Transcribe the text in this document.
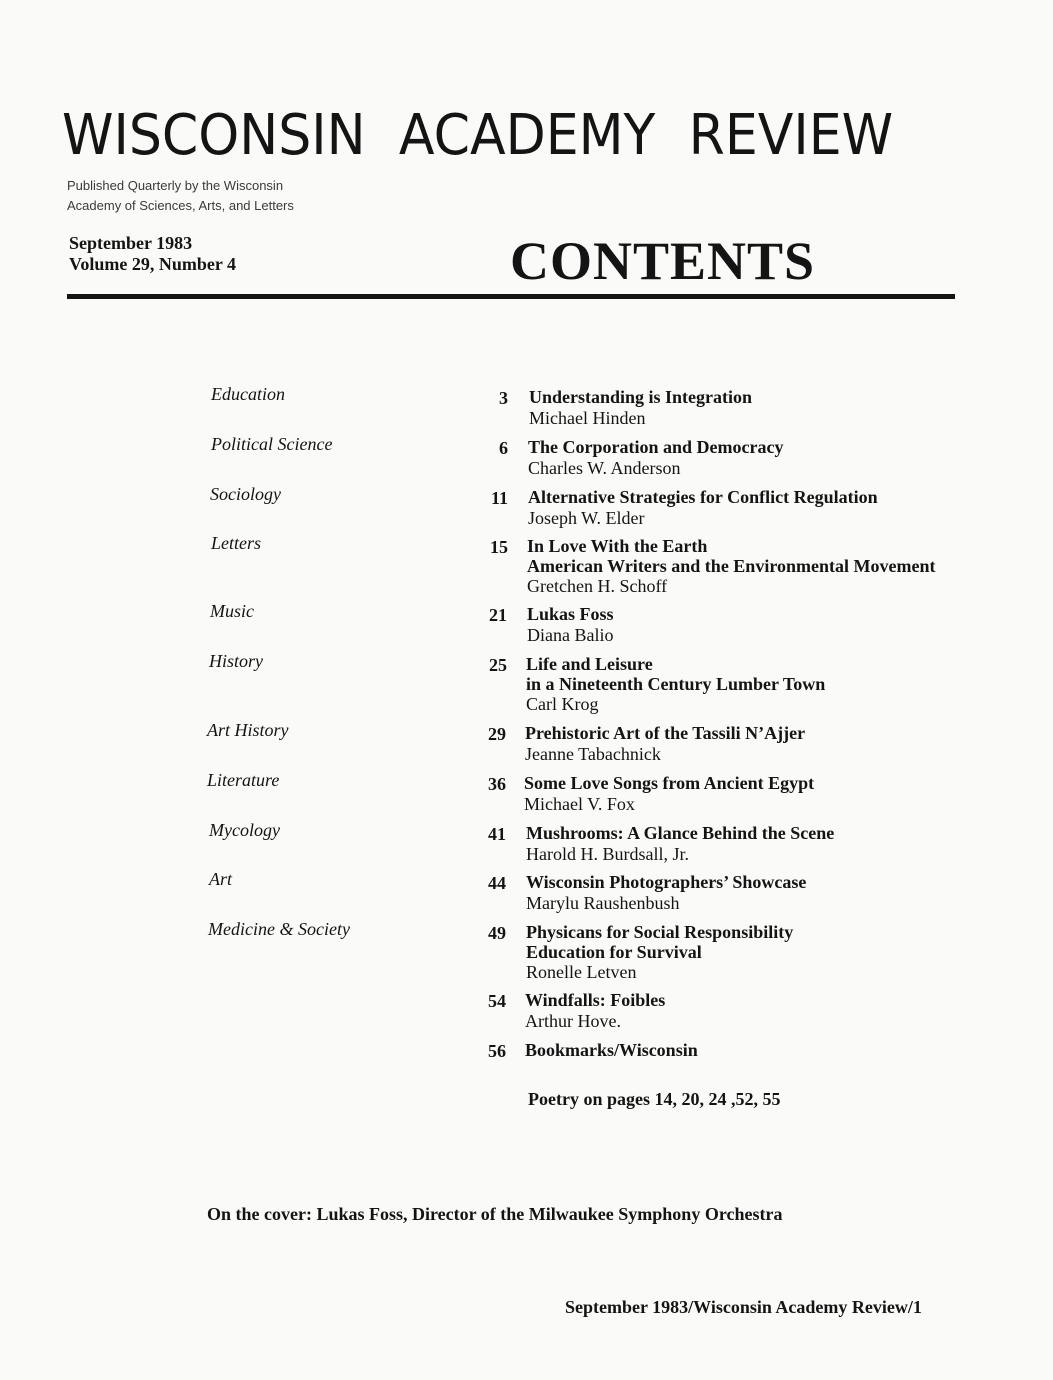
WISCONSIN ACADEMY REVIEW
Published Quarterly by the Wisconsin
Academy of Sciences, Arts, and Letters
September 1983
Volume 29, Number 4	CONTENTS
Education	3 Understanding is Integration
Michael Hinden
Political Science	6 The Corporation and Democracy
Charles W. Anderson
Sociology	11 Alternative Strategies for Conflict Regulation
Joseph W. Elder
Letters	15 In Love With the Earth
American Writers and the Environmental Movement
Gretchen H. Schoff
Music	21 Lukas Foss
Diana Balio
History	25 Life and Leisure
in a Nineteenth Century Lumber Town
Carl Krog
Art History	29 Prehistoric Art of the Tassili N’Ajjer
Jeanne Tabachnick
Literature	36 Some Love Songs from Ancient Egypt
Michael V. Fox
Mycology	41 Mushrooms: A Glance Behind the Scene
Harold H. Burdsall, Jr.
Art	44 Wisconsin Photographers’ Showcase
Marylu Raushenbush
Medicine & Society	49 Physicans for Social Responsibility
Education for Survival
Ronelle Letven
54 Windfalls: Foibles
Arthur Hove.
56 Bookmarks/Wisconsin
Poetry on pages 14, 20, 24 ,52, 55
On the cover: Lukas Foss, Director of the Milwaukee Symphony Orchestra
September 1983/Wisconsin Academy Review/1
